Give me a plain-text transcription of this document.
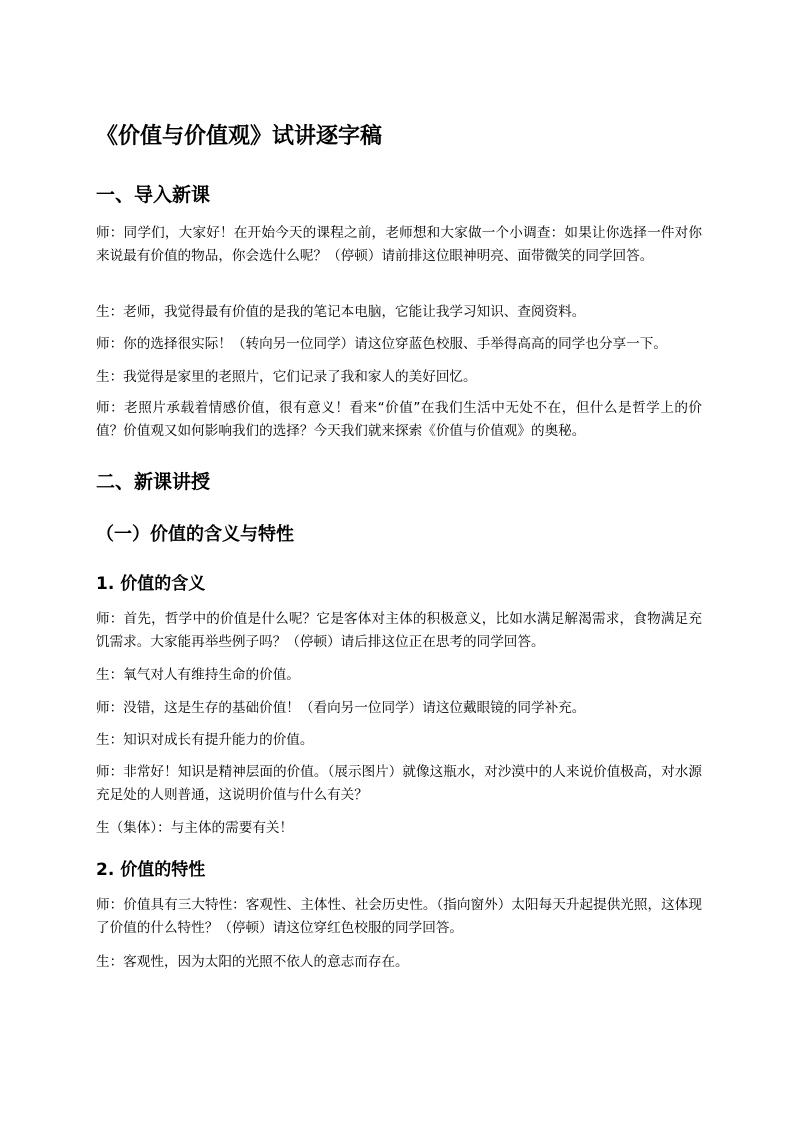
《价值与价值观》试讲逐字稿
一、导入新课

师：同学们，大家好！在开始今天的课程之前，老师想和大家做一个小调查：如果让你选择一件对你来说最有价值的物品，你会选什么呢？（停顿）请前排这位眼神明亮、面带微笑的同学回答。

生：老师，我觉得最有价值的是我的笔记本电脑，它能让我学习知识、查阅资料。

师：你的选择很实际！（转向另一位同学）请这位穿蓝色校服、手举得高高的同学也分享一下。

生：我觉得是家里的老照片，它们记录了我和家人的美好回忆。

师：老照片承载着情感价值，很有意义！看来“价值”在我们生活中无处不在，但什么是哲学上的价值？价值观又如何影响我们的选择？今天我们就来探索《价值与价值观》的奥秘。

二、新课讲授
（一）价值的含义与特性
1. 价值的含义

师：首先，哲学中的价值是什么呢？它是客体对主体的积极意义，比如水满足解渴需求，食物满足充饥需求。大家能再举些例子吗？（停顿）请后排这位正在思考的同学回答。

生：氧气对人有维持生命的价值。

师：没错，这是生存的基础价值！（看向另一位同学）请这位戴眼镜的同学补充。

生：知识对成长有提升能力的价值。

师：非常好！知识是精神层面的价值。（展示图片）就像这瓶水，对沙漠中的人来说价值极高，对水源充足处的人则普通，这说明价值与什么有关？

生（集体）：与主体的需要有关！

2. 价值的特性

师：价值具有三大特性：客观性、主体性、社会历史性。（指向窗外）太阳每天升起提供光照，这体现了价值的什么特性？（停顿）请这位穿红色校服的同学回答。

生：客观性，因为太阳的光照不依人的意志而存在。
